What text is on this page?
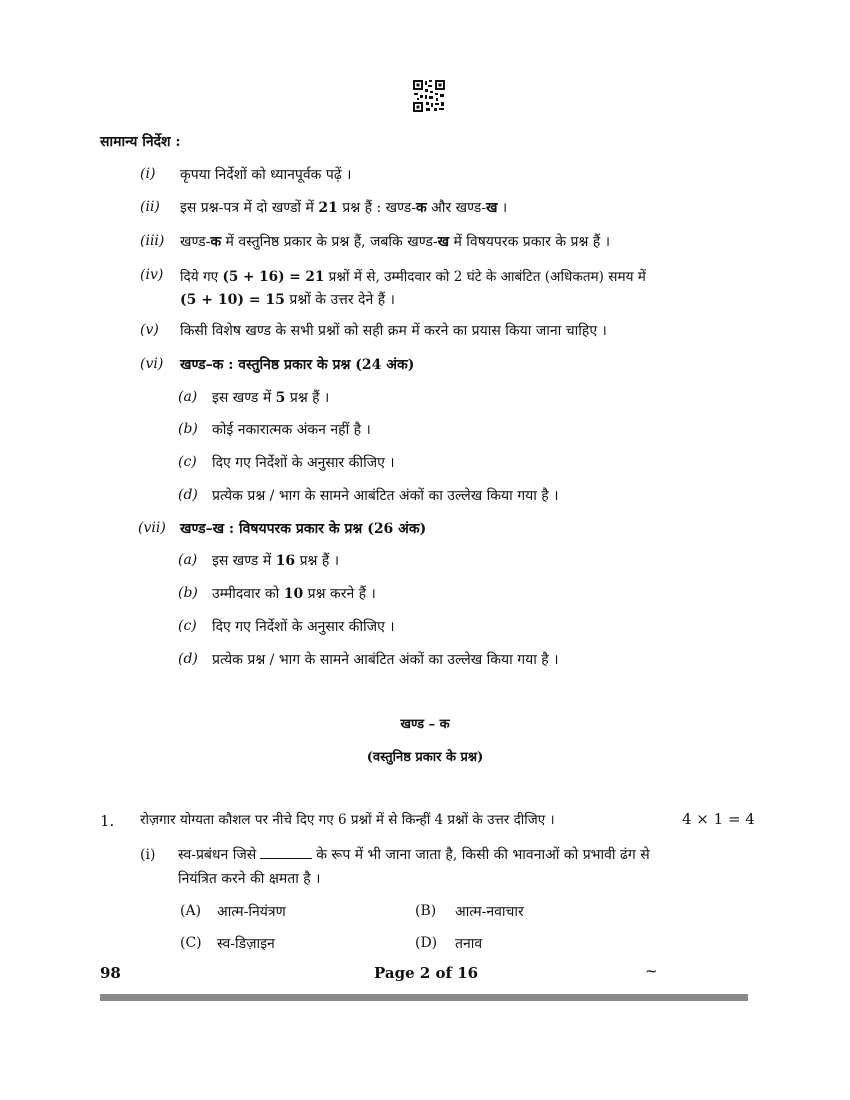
सामान्य निर्देश :
(i) कृपया निर्देशों को ध्यानपूर्वक पढ़ें ।
(ii) इस प्रश्न-पत्र में दो खण्डों में 21 प्रश्न हैं : खण्ड-क और खण्ड-ख ।
(iii) खण्ड-क में वस्तुनिष्ठ प्रकार के प्रश्न हैं, जबकि खण्ड-ख में विषयपरक प्रकार के प्रश्न हैं ।
(iv) दिये गए (5 + 16) = 21 प्रश्नों में से, उम्मीदवार को 2 घंटे के आबंटित (अधिकतम) समय में
(5 + 10) = 15 प्रश्नों के उत्तर देने हैं ।
(v) किसी विशेष खण्ड के सभी प्रश्नों को सही क्रम में करने का प्रयास किया जाना चाहिए ।
(vi) खण्ड–क : वस्तुनिष्ठ प्रकार के प्रश्न (24 अंक)
(a) इस खण्ड में 5 प्रश्न हैं ।
(b) कोई नकारात्मक अंकन नहीं है ।
(c) दिए गए निर्देशों के अनुसार कीजिए ।
(d) प्रत्येक प्रश्न / भाग के सामने आबंटित अंकों का उल्लेख किया गया है ।
(vii) खण्ड–ख : विषयपरक प्रकार के प्रश्न (26 अंक)
(a) इस खण्ड में 16 प्रश्न हैं ।
(b) उम्मीदवार को 10 प्रश्न करने हैं ।
(c) दिए गए निर्देशों के अनुसार कीजिए ।
(d) प्रत्येक प्रश्न / भाग के सामने आबंटित अंकों का उल्लेख किया गया है ।
खण्ड – क
(वस्तुनिष्ठ प्रकार के प्रश्न)
1. रोज़गार योग्यता कौशल पर नीचे दिए गए 6 प्रश्नों में से किन्हीं 4 प्रश्नों के उत्तर दीजिए ।	4 × 1 = 4
(i) स्व-प्रबंधन जिसे	के रूप में भी जाना जाता है, किसी की भावनाओं को प्रभावी ढंग से
नियंत्रित करने की क्षमता है ।
(A) आत्म-नियंत्रण	(B) आत्म-नवाचार
(C) स्व-डिज़ाइन	(D) तनाव
98	Page 2 of 16	~
